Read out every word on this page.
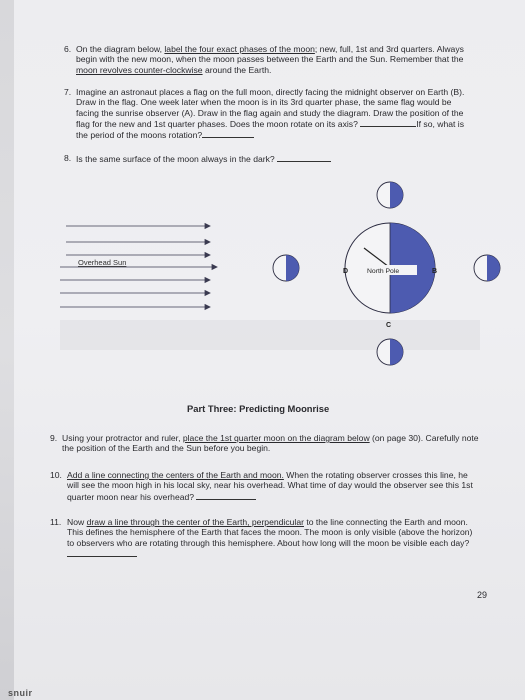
6. On the diagram below, label the four exact phases of the moon; new, full, 1st and 3rd quarters. Always begin with the new moon, when the moon passes between the Earth and the Sun. Remember that the moon revolves counter-clockwise around the Earth.
7. Imagine an astronaut places a flag on the full moon, directly facing the midnight observer on Earth (B). Draw in the flag. One week later when the moon is in its 3rd quarter phase, the same flag would be facing the sunrise observer (A). Draw in the flag again and study the diagram. Draw the position of the flag for the new and 1st quarter phases. Does the moon rotate on its axis?	If so, what is the period of the moons rotation?
8. Is the same surface of the moon always in the dark?
Overhead Sun
North Pole
D	B
C
Part Three: Predicting Moonrise
9. Using your protractor and ruler, place the 1st quarter moon on the diagram below (on page 30). Carefully note the position of the Earth and the Sun before you begin.
10. Add a line connecting the centers of the Earth and moon. When the rotating observer crosses this line, he will see the moon high in his local sky, near his overhead. What time of day would the observer see this 1st quarter moon near his overhead?
11. Now draw a line through the center of the Earth, perpendicular to the line connecting the Earth and moon. This defines the hemisphere of the Earth that faces the moon. The moon is only visible (above the horizon) to observers who are rotating through this hemisphere. About how long will the moon be visible each day?
29
snuir
